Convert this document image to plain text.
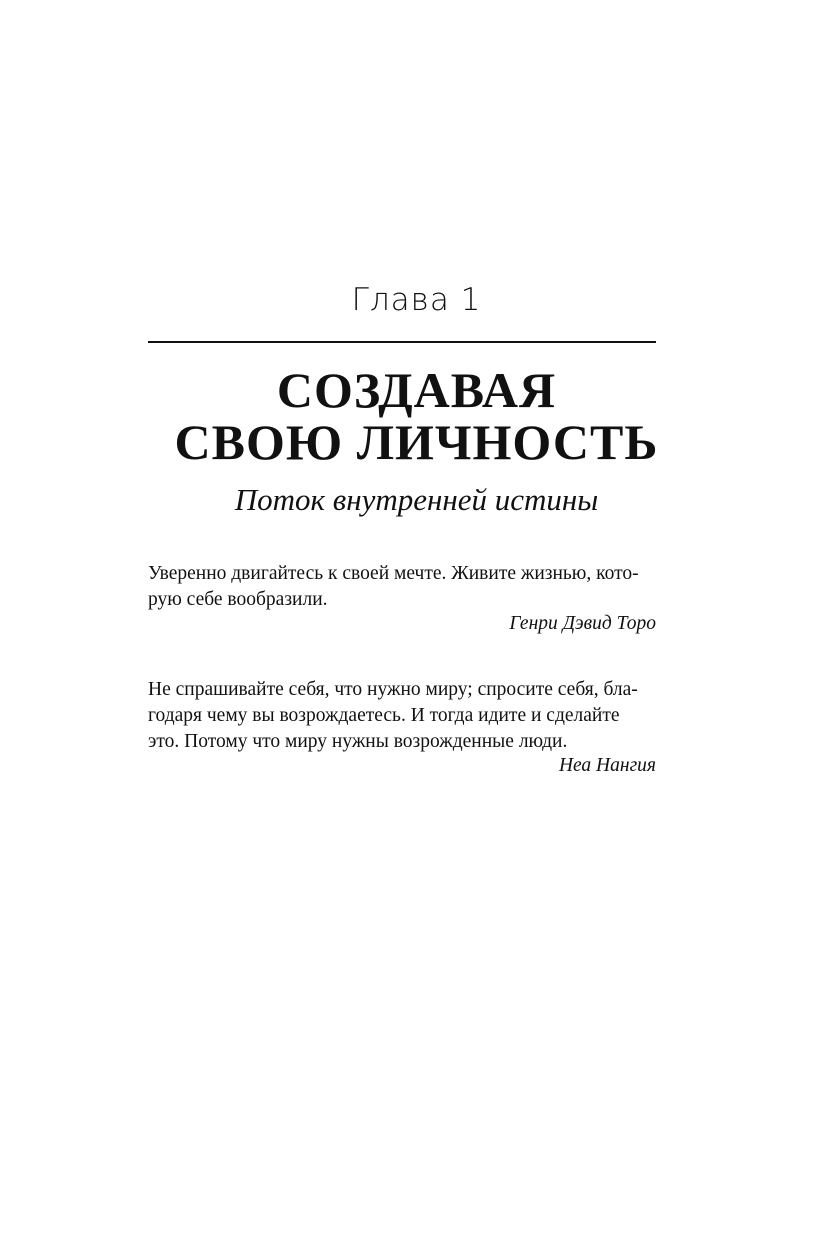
Глава 1
СОЗДАВАЯ
СВОЮ ЛИЧНОСТЬ
Поток внутренней истины
Уверенно двигайтесь к своей мечте. Живите жизнью, кото-
рую себе вообразили.
Генри Дэвид Торо
Не спрашивайте себя, что нужно миру; спросите себя, бла-
годаря чему вы возрождаетесь. И тогда идите и сделайте
это. Потому что миру нужны возрожденные люди.
Неа Нангия
